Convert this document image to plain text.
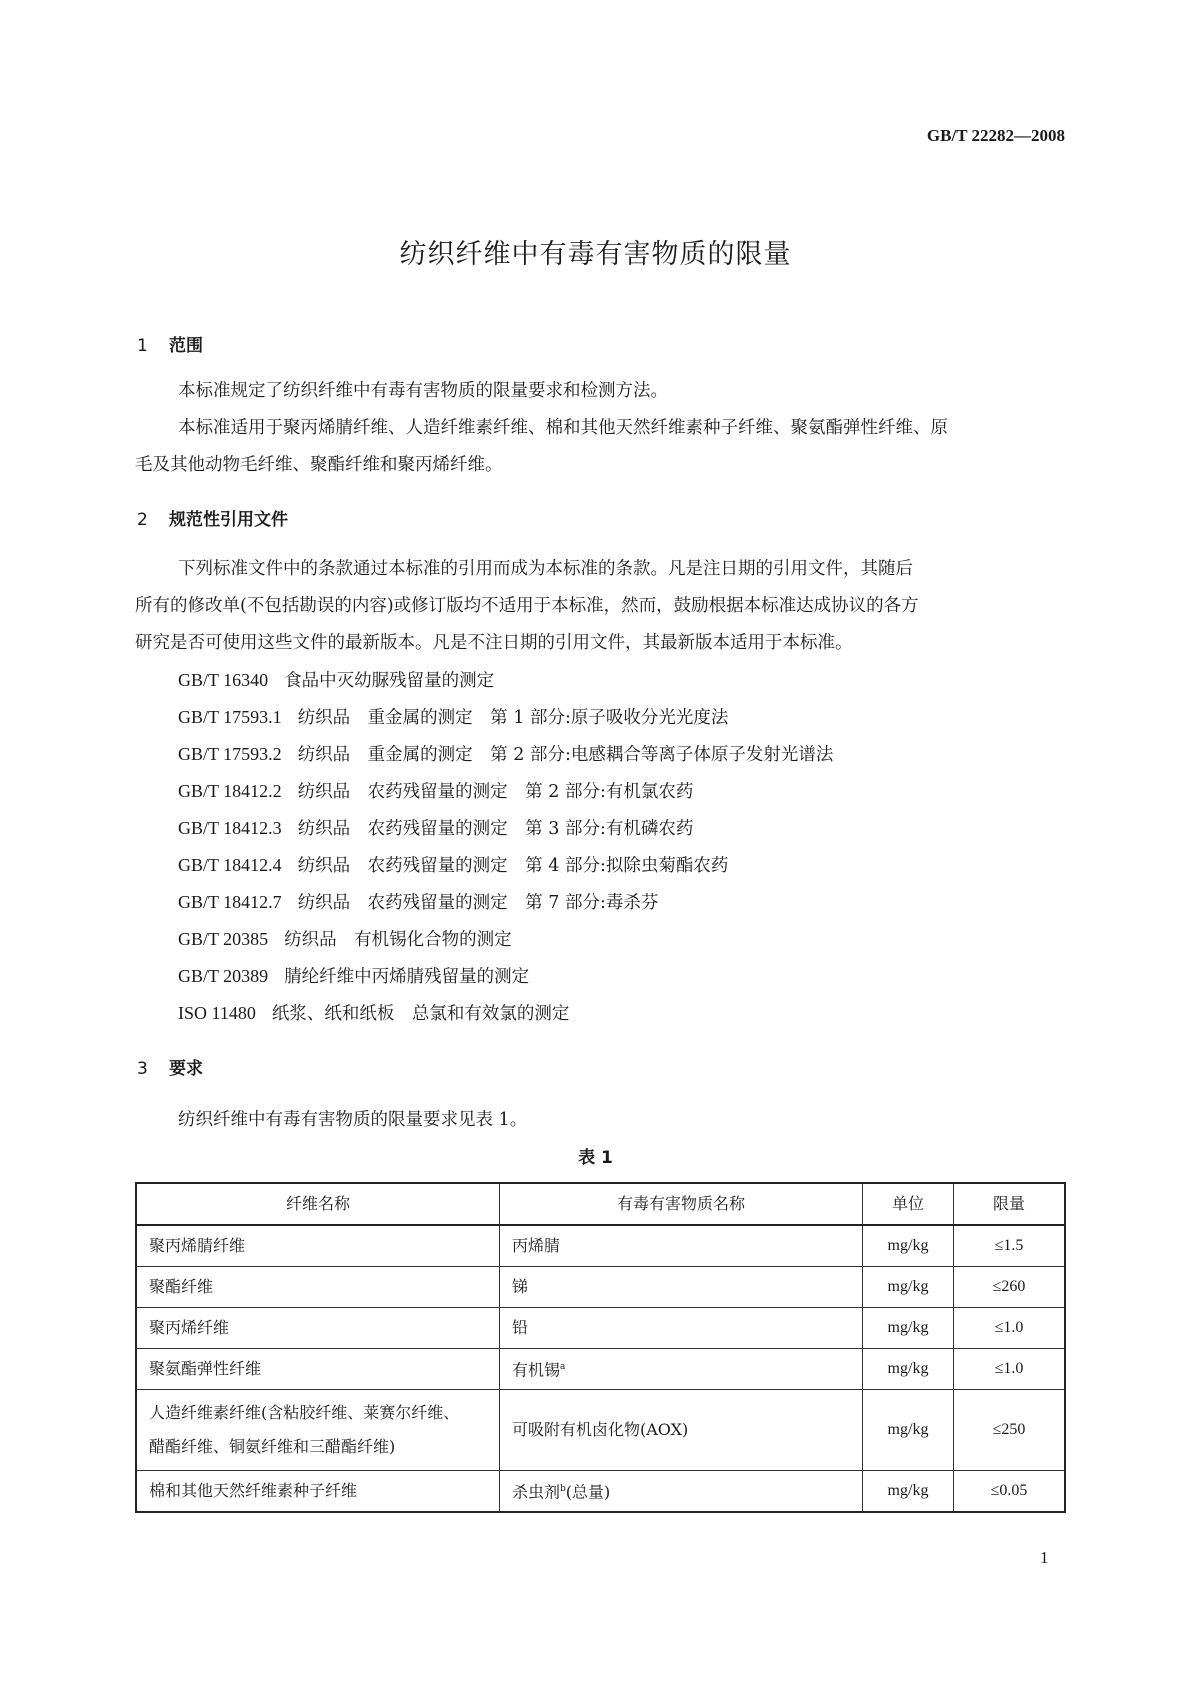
GB/T 22282—2008
纺织纤维中有毒有害物质的限量
1 范围
本标准规定了纺织纤维中有毒有害物质的限量要求和检测方法。
本标准适用于聚丙烯腈纤维、人造纤维素纤维、棉和其他天然纤维素种子纤维、聚氨酯弹性纤维、原
毛及其他动物毛纤维、聚酯纤维和聚丙烯纤维。
2 规范性引用文件
下列标准文件中的条款通过本标准的引用而成为本标准的条款。凡是注日期的引用文件，其随后
所有的修改单(不包括勘误的内容)或修订版均不适用于本标准，然而，鼓励根据本标准达成协议的各方
研究是否可使用这些文件的最新版本。凡是不注日期的引用文件，其最新版本适用于本标准。
GB/T 16340 食品中灭幼脲残留量的测定
GB/T 17593.1 纺织品　重金属的测定　第 1 部分:原子吸收分光光度法
GB/T 17593.2 纺织品　重金属的测定　第 2 部分:电感耦合等离子体原子发射光谱法
GB/T 18412.2 纺织品　农药残留量的测定　第 2 部分:有机氯农药
GB/T 18412.3 纺织品　农药残留量的测定　第 3 部分:有机磷农药
GB/T 18412.4 纺织品　农药残留量的测定　第 4 部分:拟除虫菊酯农药
GB/T 18412.7 纺织品　农药残留量的测定　第 7 部分:毒杀芬
GB/T 20385 纺织品　有机锡化合物的测定
GB/T 20389 腈纶纤维中丙烯腈残留量的测定
ISO 11480 纸浆、纸和纸板　总氯和有效氯的测定
3 要求
纺织纤维中有毒有害物质的限量要求见表 1。
表 1
纤维名称	有毒有害物质名称	单位	限量
聚丙烯腈纤维	丙烯腈	mg/kg	≤1.5
聚酯纤维	锑	mg/kg	≤260
聚丙烯纤维	铅	mg/kg	≤1.0
聚氨酯弹性纤维	有机锡$^a$	mg/kg	≤1.0

人造纤维素纤维(含粘胶纤维、莱赛尔纤维、
醋酯纤维、铜氨纤维和三醋酯纤维)	可吸附有机卤化物(AOX)	mg/kg	≤250
棉和其他天然纤维素种子纤维	杀虫剂$^b$(总量)	mg/kg	≤0.05
1
